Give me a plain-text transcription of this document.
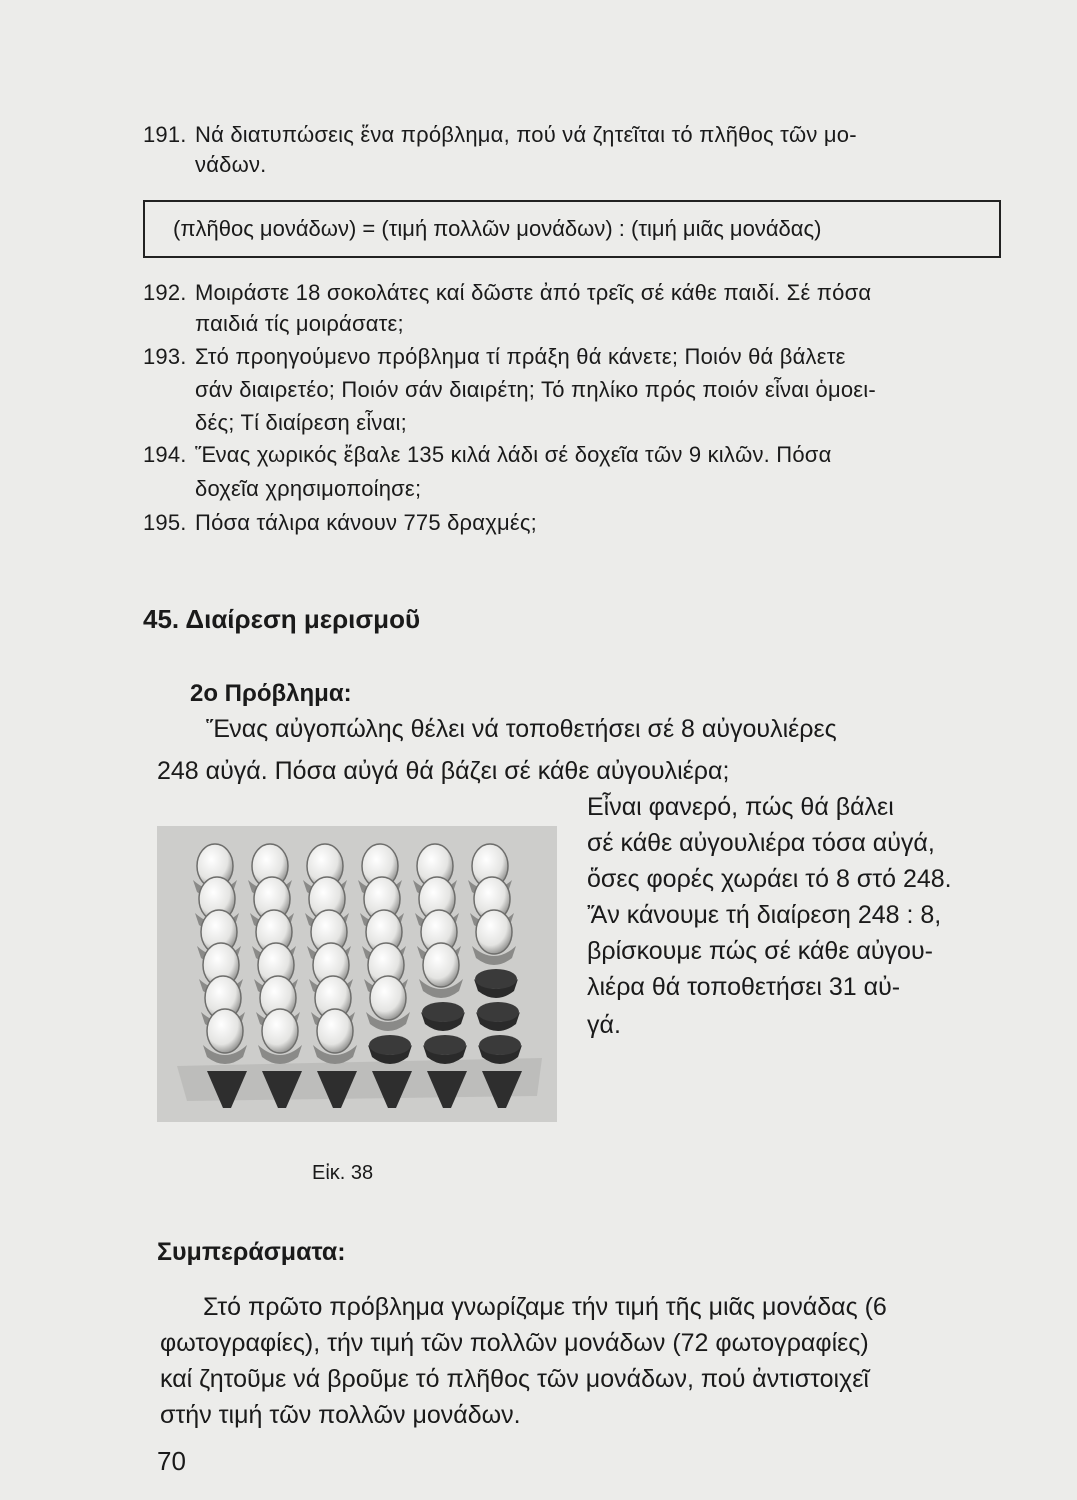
191. Νά διατυπώσεις ἕνα πρόβλημα, πού νά ζητεῖται τό πλῆθος τῶν μο-
νάδων.
(πλῆθος μονάδων) = (τιμή πολλῶν μονάδων) : (τιμή μιᾶς μονάδας)
192. Μοιράστε 18 σοκολάτες καί δῶστε ἀπό τρεῖς σέ κάθε παιδί. Σέ πόσα
παιδιά τίς μοιράσατε;
193. Στό προηγούμενο πρόβλημα τί πράξη θά κάνετε; Ποιόν θά βάλετε
σάν διαιρετέο; Ποιόν σάν διαιρέτη; Τό πηλίκο πρός ποιόν εἶναι ὁμοει-
δές; Τί διαίρεση εἶναι;
194. Ἕνας χωρικός ἔβαλε 135 κιλά λάδι σέ δοχεῖα τῶν 9 κιλῶν. Πόσα
δοχεῖα χρησιμοποίησε;
195. Πόσα τάλιρα κάνουν 775 δραχμές;
45. Διαίρεση μερισμοῦ
2ο Πρόβλημα:
Ἕνας αὐγοπώλης θέλει νά τοποθετήσει σέ 8 αὐγουλιέρες
248 αὐγά. Πόσα αὐγά θά βάζει σέ κάθε αὐγουλιέρα;
Εἶναι φανερό, πώς θά βάλει
σέ κάθε αὐγουλιέρα τόσα αὐγά,
ὅσες φορές χωράει τό 8 στό 248.
Ἄν κάνουμε τή διαίρεση 248 : 8,
βρίσκουμε πώς σέ κάθε αὐγου-
λιέρα θά τοποθετήσει 31 αὐ-
γά.
Εἰκ. 38
Συμπεράσματα:
Στό πρῶτο πρόβλημα γνωρίζαμε τήν τιμή τῆς μιᾶς μονάδας (6
φωτογραφίες), τήν τιμή τῶν πολλῶν μονάδων (72 φωτογραφίες)
καί ζητοῦμε νά βροῦμε τό πλῆθος τῶν μονάδων, πού ἀντιστοιχεῖ
στήν τιμή τῶν πολλῶν μονάδων.
70
